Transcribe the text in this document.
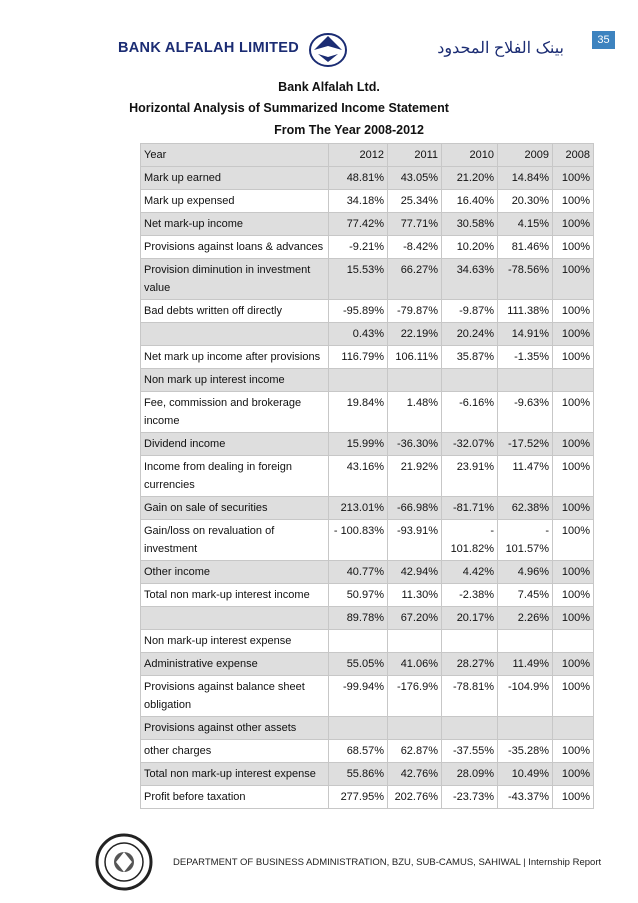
35
BANK ALFALAH LIMITED	بینک الفلاح المحدود
Bank Alfalah Ltd.
Horizontal Analysis of Summarized Income Statement
From The Year 2008-2012
Year	2012	2011	2010	2009	2008
Mark up earned	48.81%	43.05%	21.20%	14.84%	100%
Mark up expensed	34.18%	25.34%	16.40%	20.30%	100%
Net mark-up income	77.42%	77.71%	30.58%	4.15%	100%
Provisions against loans & advances	-9.21%	-8.42%	10.20%	81.46%	100%
Provision diminution in investment value	15.53%	66.27%	34.63%	-78.56%	100%
Bad debts written off directly	-95.89%	-79.87%	-9.87%	111.38%	100%
	0.43%	22.19%	20.24%	14.91%	100%
Net mark up income after provisions	116.79%	106.11%	35.87%	-1.35%	100%
Non mark up interest income					
Fee, commission and brokerage income	19.84%	1.48%	-6.16%	-9.63%	100%
Dividend income	15.99%	-36.30%	-32.07%	-17.52%	100%
Income from dealing in foreign currencies	43.16%	21.92%	23.91%	11.47%	100%
Gain on sale of securities	213.01%	-66.98%	-81.71%	62.38%	100%
Gain/loss on revaluation of investment	- 100.83%	-93.91%	- 101.82%	- 101.57%	100%
Other income	40.77%	42.94%	4.42%	4.96%	100%
Total non mark-up interest income	50.97%	11.30%	-2.38%	7.45%	100%
	89.78%	67.20%	20.17%	2.26%	100%
Non mark-up interest expense					
Administrative expense	55.05%	41.06%	28.27%	11.49%	100%
Provisions against balance sheet obligation	-99.94%	-176.9%	-78.81%	-104.9%	100%
Provisions against other assets					
other charges	68.57%	62.87%	-37.55%	-35.28%	100%
Total non mark-up interest expense	55.86%	42.76%	28.09%	10.49%	100%
Profit before taxation	277.95%	202.76%	-23.73%	-43.37%	100%
DEPARTMENT OF BUSINESS ADMINISTRATION, BZU, SUB-CAMUS, SAHIWAL | Internship Report
